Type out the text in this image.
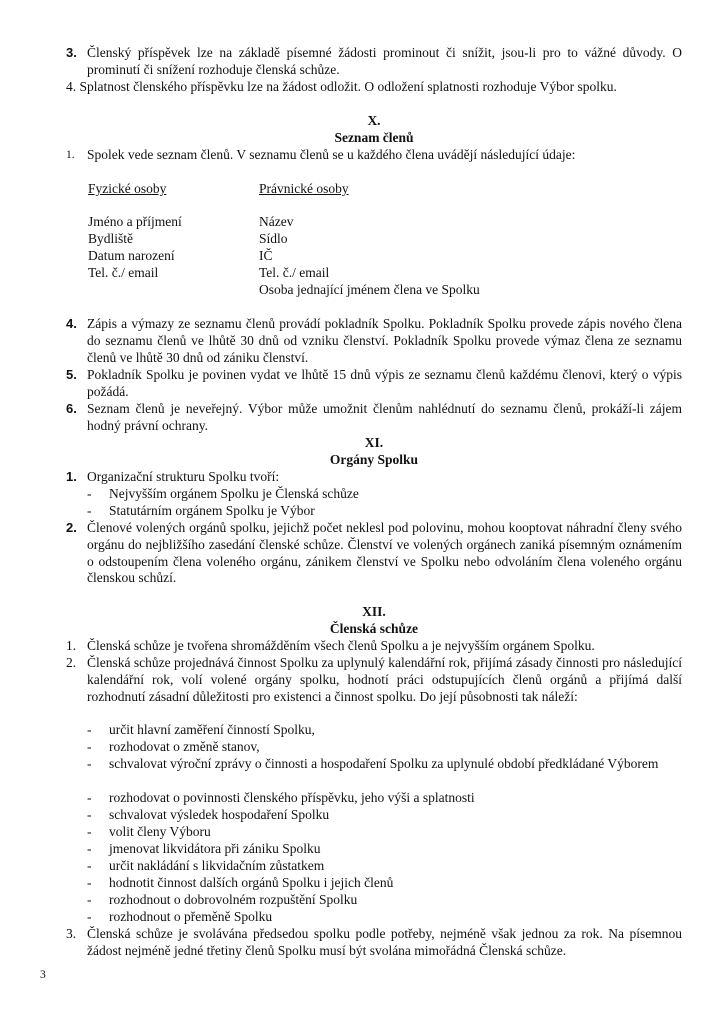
3. Členský příspěvek lze na základě písemné žádosti prominout či snížit, jsou-li pro to vážné důvody. O prominutí či snížení rozhoduje členská schůze.
4. Splatnost členského příspěvku lze na žádost odložit. O odložení splatnosti rozhoduje Výbor spolku.
X.
Seznam členů
1. Spolek vede seznam členů. V seznamu členů se u každého člena uvádějí následující údaje:
Fyzické osoby	Právnické osoby
Jméno a příjmení
Bydliště
Datum narození
Tel. č./ email
Název
Sídlo
IČ
Tel. č./ email
Osoba jednající jménem člena ve Spolku
4. Zápis a výmazy ze seznamu členů provádí pokladník Spolku. Pokladník Spolku provede zápis nového člena do seznamu členů ve lhůtě 30 dnů od vzniku členství. Pokladník Spolku provede výmaz člena ze seznamu členů ve lhůtě 30 dnů od zániku členství.
5. Pokladník Spolku je povinen vydat ve lhůtě 15 dnů výpis ze seznamu členů každému členovi, který o výpis požádá.
6. Seznam členů je neveřejný. Výbor může umožnit členům nahlédnutí do seznamu členů, prokáží-li zájem hodný právní ochrany.
XI.
Orgány Spolku
1. Organizační strukturu Spolku tvoří:
- Nejvyšším orgánem Spolku je Členská schůze
- Statutárním orgánem Spolku je Výbor
2. Členové volených orgánů spolku, jejichž počet neklesl pod polovinu, mohou kooptovat náhradní členy svého orgánu do nejbližšího zasedání členské schůze. Členství ve volených orgánech zaniká písemným oznámením o odstoupením člena voleného orgánu, zánikem členství ve Spolku nebo odvoláním člena voleného orgánu členskou schůzí.
XII.
Členská schůze
1. Členská schůze je tvořena shromážděním všech členů Spolku a je nejvyšším orgánem Spolku.
2. Členská schůze projednává činnost Spolku za uplynulý kalendářní rok, přijímá zásady činnosti pro následující kalendářní rok, volí volené orgány spolku, hodnotí práci odstupujících členů orgánů a přijímá další rozhodnutí zásadní důležitosti pro existenci a činnost spolku. Do její působnosti tak náleží:
- určit hlavní zaměření činností Spolku,
- rozhodovat o změně stanov,
- schvalovat výroční zprávy o činnosti a hospodaření Spolku za uplynulé období předkládané Výborem
- rozhodovat o povinnosti členského příspěvku, jeho výši a splatnosti
- schvalovat výsledek hospodaření Spolku
- volit členy Výboru
- jmenovat likvidátora při zániku Spolku
- určit nakládání s likvidačním zůstatkem
- hodnotit činnost dalších orgánů Spolku i jejich členů
- rozhodnout o dobrovolném rozpuštění Spolku
- rozhodnout o přeměně Spolku
3. Členská schůze je svolávána předsedou spolku podle potřeby, nejméně však jednou za rok. Na písemnou žádost nejméně jedné třetiny členů Spolku musí být svolána mimořádná Členská schůze.
3
